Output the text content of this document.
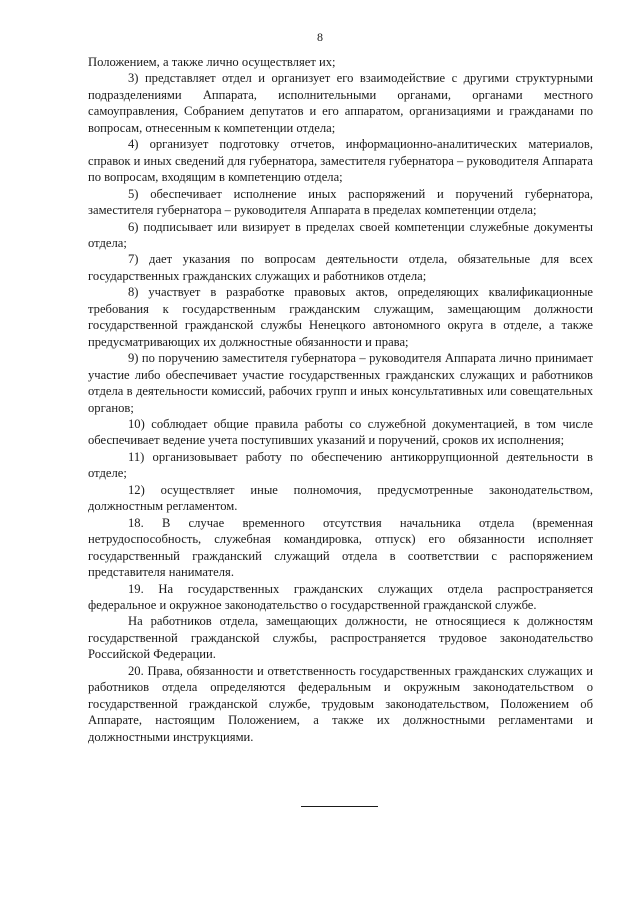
8

Положением, а также лично осуществляет их;

3) представляет отдел и организует его взаимодействие с другими структурными подразделениями Аппарата, исполнительными органами, органами местного самоуправления, Собранием депутатов и его аппаратом, организациями и гражданами по вопросам, отнесенным к компетенции отдела;

4) организует подготовку отчетов, информационно-аналитических материалов, справок и иных сведений для губернатора, заместителя губернатора – руководителя Аппарата по вопросам, входящим в компетенцию отдела;

5) обеспечивает исполнение иных распоряжений и поручений губернатора, заместителя губернатора – руководителя Аппарата в пределах компетенции отдела;

6) подписывает или визирует в пределах своей компетенции служебные документы отдела;

7) дает указания по вопросам деятельности отдела, обязательные для всех государственных гражданских служащих и работников отдела;

8) участвует в разработке правовых актов, определяющих квалификационные требования к государственным гражданским служащим, замещающим должности государственной гражданской службы Ненецкого автономного округа в отделе, а также предусматривающих их должностные обязанности и права;

9) по поручению заместителя губернатора – руководителя Аппарата лично принимает участие либо обеспечивает участие государственных гражданских служащих и работников отдела в деятельности комиссий, рабочих групп и иных консультативных или совещательных органов;

10) соблюдает общие правила работы со служебной документацией, в том числе обеспечивает ведение учета поступивших указаний и поручений, сроков их исполнения;

11) организовывает работу по обеспечению антикоррупционной деятельности в отделе;

12) осуществляет иные полномочия, предусмотренные законодательством, должностным регламентом.

18. В случае временного отсутствия начальника отдела (временная нетрудоспособность, служебная командировка, отпуск) его обязанности исполняет государственный гражданский служащий отдела в соответствии с распоряжением представителя нанимателя.

19. На государственных гражданских служащих отдела распространяется федеральное и окружное законодательство о государственной гражданской службе.

На работников отдела, замещающих должности, не относящиеся к должностям государственной гражданской службы, распространяется трудовое законодательство Российской Федерации.

20. Права, обязанности и ответственность государственных гражданских служащих и работников отдела определяются федеральным и окружным законодательством о государственной гражданской службе, трудовым законодательством, Положением об Аппарате, настоящим Положением, а также их должностными регламентами и должностными инструкциями.
